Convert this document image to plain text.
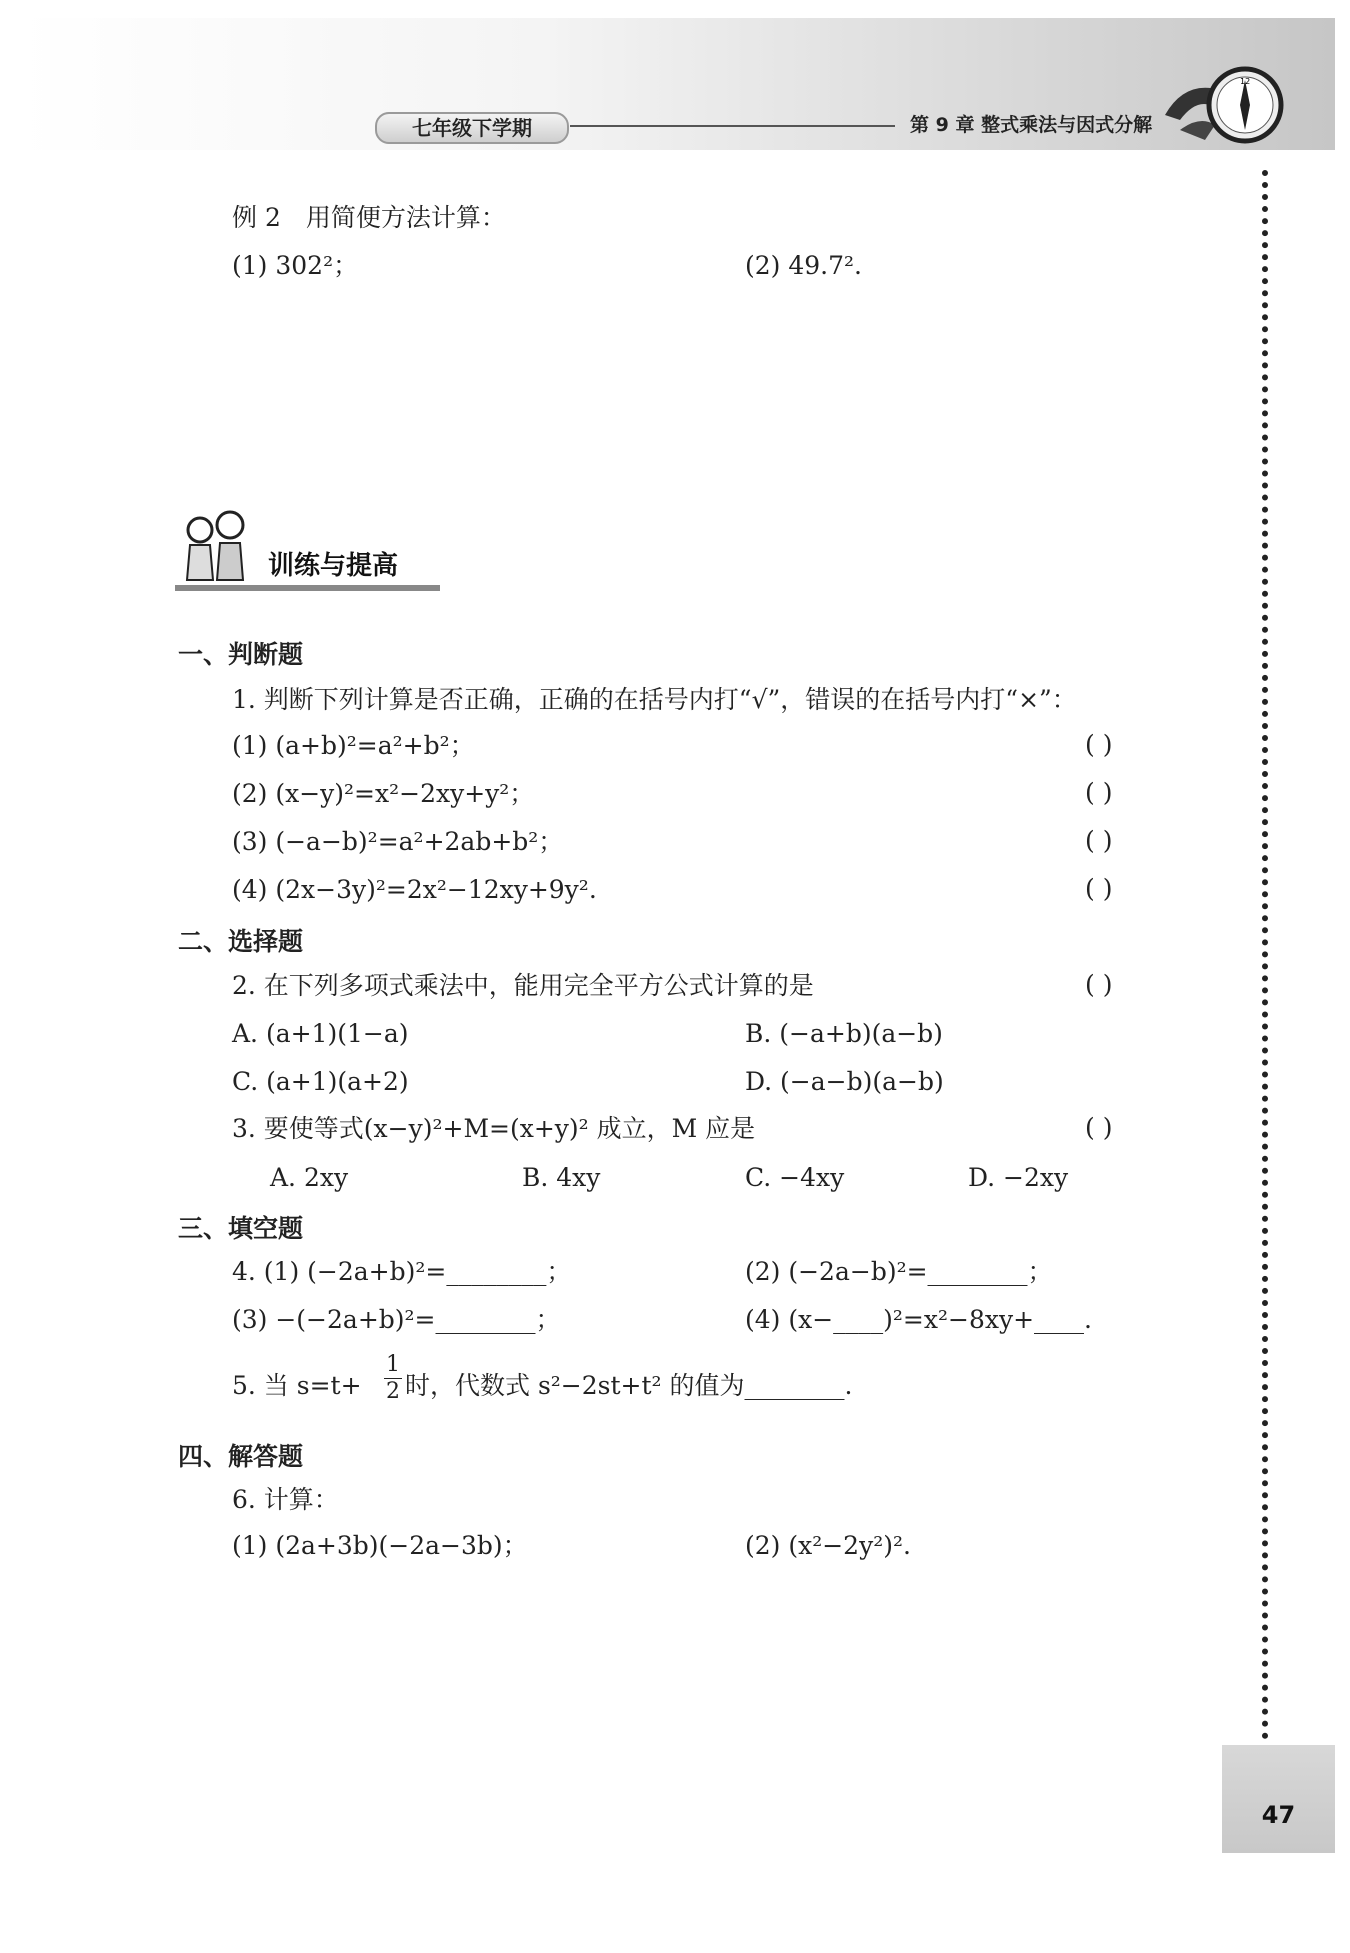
七年级下学期	第 9 章 整式乘法与因式分解
12
例 2　用简便方法计算：
(1) 302²；	(2) 49.7².
训练与提高
一、判断题
1. 判断下列计算是否正确，正确的在括号内打“√”，错误的在括号内打“×”：
(1) (a+b)²=a²+b²；	( )
(2) (x−y)²=x²−2xy+y²；	( )
(3) (−a−b)²=a²+2ab+b²；	( )
(4) (2x−3y)²=2x²−12xy+9y².	( )
二、选择题
2. 在下列多项式乘法中，能用完全平方公式计算的是	( )
A. (a+1)(1−a)	B. (−a+b)(a−b)
C. (a+1)(a+2)	D. (−a−b)(a−b)
3. 要使等式(x−y)²+M=(x+y)² 成立，M 应是	( )
A. 2xy	B. 4xy	C. −4xy	D. −2xy
三、填空题
4. (1) (−2a+b)²=________；	(2) (−2a−b)²=________；
(3) −(−2a+b)²=________；	(4) (x−____)²=x²−8xy+____.
5. 当 s=t+
1
2 时，代数式 s²−2st+t² 的值为________.
四、解答题
6. 计算：
(1) (2a+3b)(−2a−3b)；	(2) (x²−2y²)².
47
